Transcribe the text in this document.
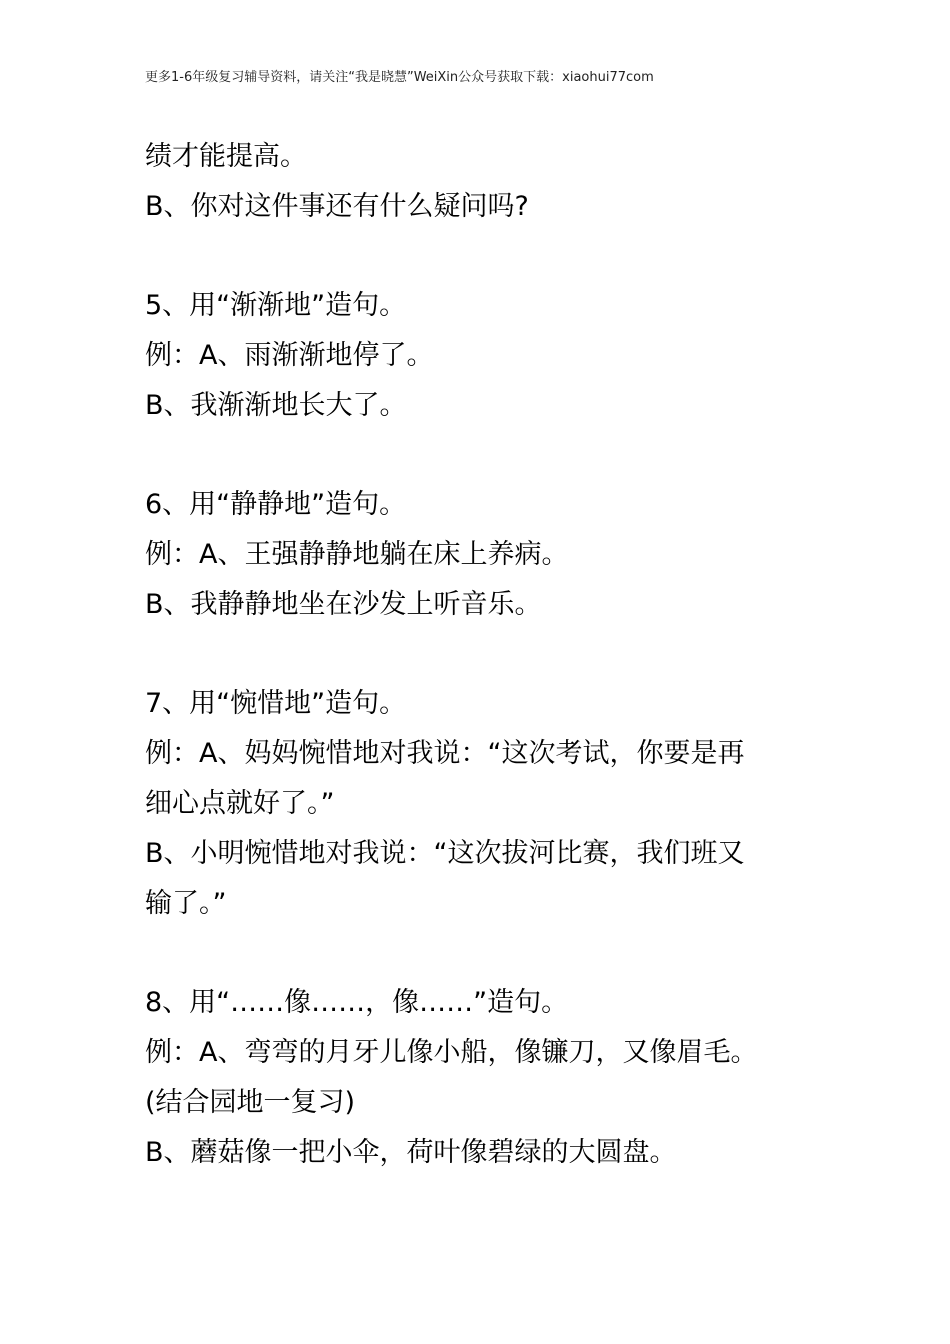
更多1-6年级复习辅导资料，请关注“我是晓慧”WeiXin公众号获取下载：xiaohui77com
绩才能提高。
B、你对这件事还有什么疑问吗?
5、用“渐渐地”造句。
例：A、雨渐渐地停了。
B、我渐渐地长大了。
6、用“静静地”造句。
例：A、王强静静地躺在床上养病。
B、我静静地坐在沙发上听音乐。
7、用“惋惜地”造句。
例：A、妈妈惋惜地对我说：“这次考试，你要是再
细心点就好了。”
B、小明惋惜地对我说：“这次拔河比赛，我们班又
输了。”
8、用“……像……，像……”造句。
例：A、弯弯的月牙儿像小船，像镰刀，又像眉毛。
(结合园地一复习)
B、蘑菇像一把小伞，荷叶像碧绿的大圆盘。
